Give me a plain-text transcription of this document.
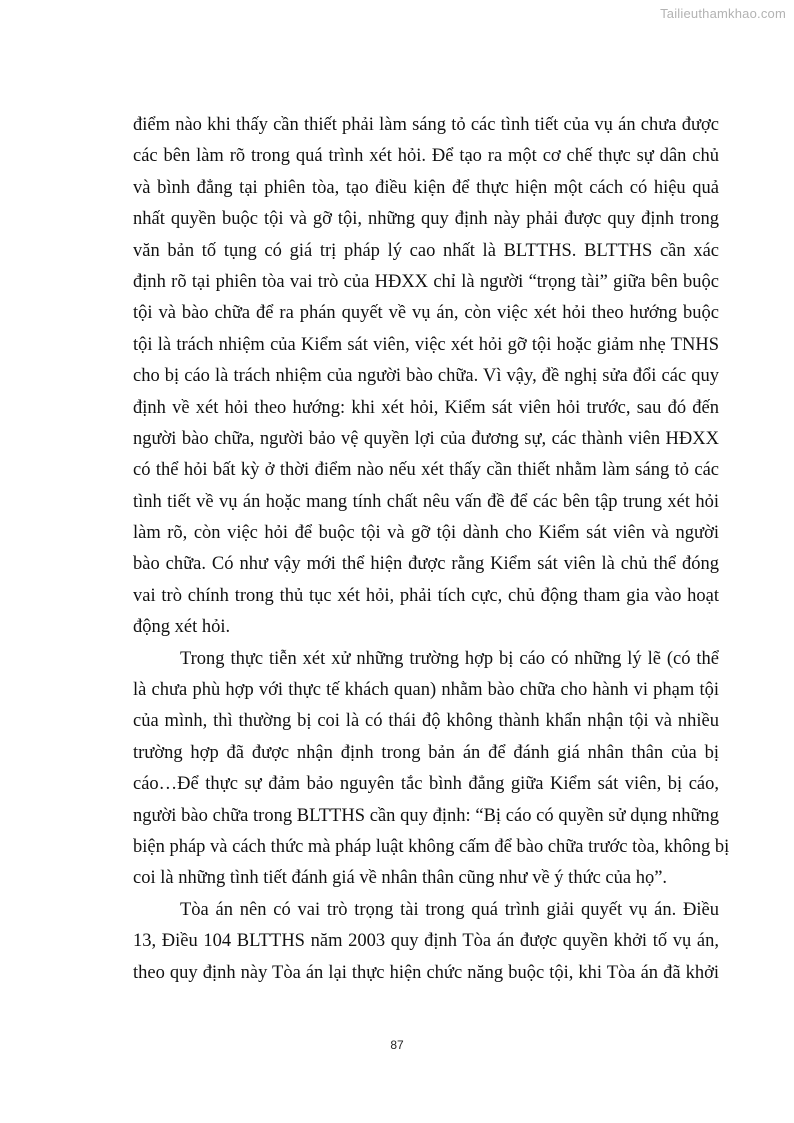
Tailieuthamkhao.com
điểm nào khi thấy cần thiết phải làm sáng tỏ các tình tiết của vụ án chưa được
các bên làm rõ trong quá trình xét hỏi. Để tạo ra một cơ chế thực sự dân chủ
và bình đẳng tại phiên tòa, tạo điều kiện để thực hiện một cách có hiệu quả
nhất quyền buộc tội và gỡ tội, những quy định này phải được quy định trong
văn bản tố tụng có giá trị pháp lý cao nhất là BLTTHS. BLTTHS cần xác
định rõ tại phiên tòa vai trò của HĐXX chỉ là người “trọng tài” giữa bên buộc
tội và bào chữa để ra phán quyết về vụ án, còn việc xét hỏi theo hướng buộc
tội là trách nhiệm của Kiểm sát viên, việc xét hỏi gỡ tội hoặc giảm nhẹ TNHS
cho bị cáo là trách nhiệm của người bào chữa. Vì vậy, đề nghị sửa đổi các quy
định về xét hỏi theo hướng: khi xét hỏi, Kiểm sát viên hỏi trước, sau đó đến
người bào chữa, người bảo vệ quyền lợi của đương sự, các thành viên HĐXX
có thể hỏi bất kỳ ở thời điểm nào nếu xét thấy cần thiết nhằm làm sáng tỏ các
tình tiết về vụ án hoặc mang tính chất nêu vấn đề để các bên tập trung xét hỏi
làm rõ, còn việc hỏi để buộc tội và gỡ tội dành cho Kiểm sát viên và người
bào chữa. Có như vậy mới thể hiện được rằng Kiểm sát viên là chủ thể đóng
vai trò chính trong thủ tục xét hỏi, phải tích cực, chủ động tham gia vào hoạt
động xét hỏi.
Trong thực tiễn xét xử những trường hợp bị cáo có những lý lẽ (có thể
là chưa phù hợp với thực tế khách quan) nhằm bào chữa cho hành vi phạm tội
của mình, thì thường bị coi là có thái độ không thành khẩn nhận tội và nhiều
trường hợp đã được nhận định trong bản án để đánh giá nhân thân của bị
cáo…Để thực sự đảm bảo nguyên tắc bình đẳng giữa Kiểm sát viên, bị cáo,
người bào chữa trong BLTTHS cần quy định: “Bị cáo có quyền sử dụng những
biện pháp và cách thức mà pháp luật không cấm để bào chữa trước tòa, không bị
coi là những tình tiết đánh giá về nhân thân cũng như về ý thức của họ”.
Tòa án nên có vai trò trọng tài trong quá trình giải quyết vụ án. Điều
13, Điều 104 BLTTHS năm 2003 quy định Tòa án được quyền khởi tố vụ án,
theo quy định này Tòa án lại thực hiện chức năng buộc tội, khi Tòa án đã khởi
87
